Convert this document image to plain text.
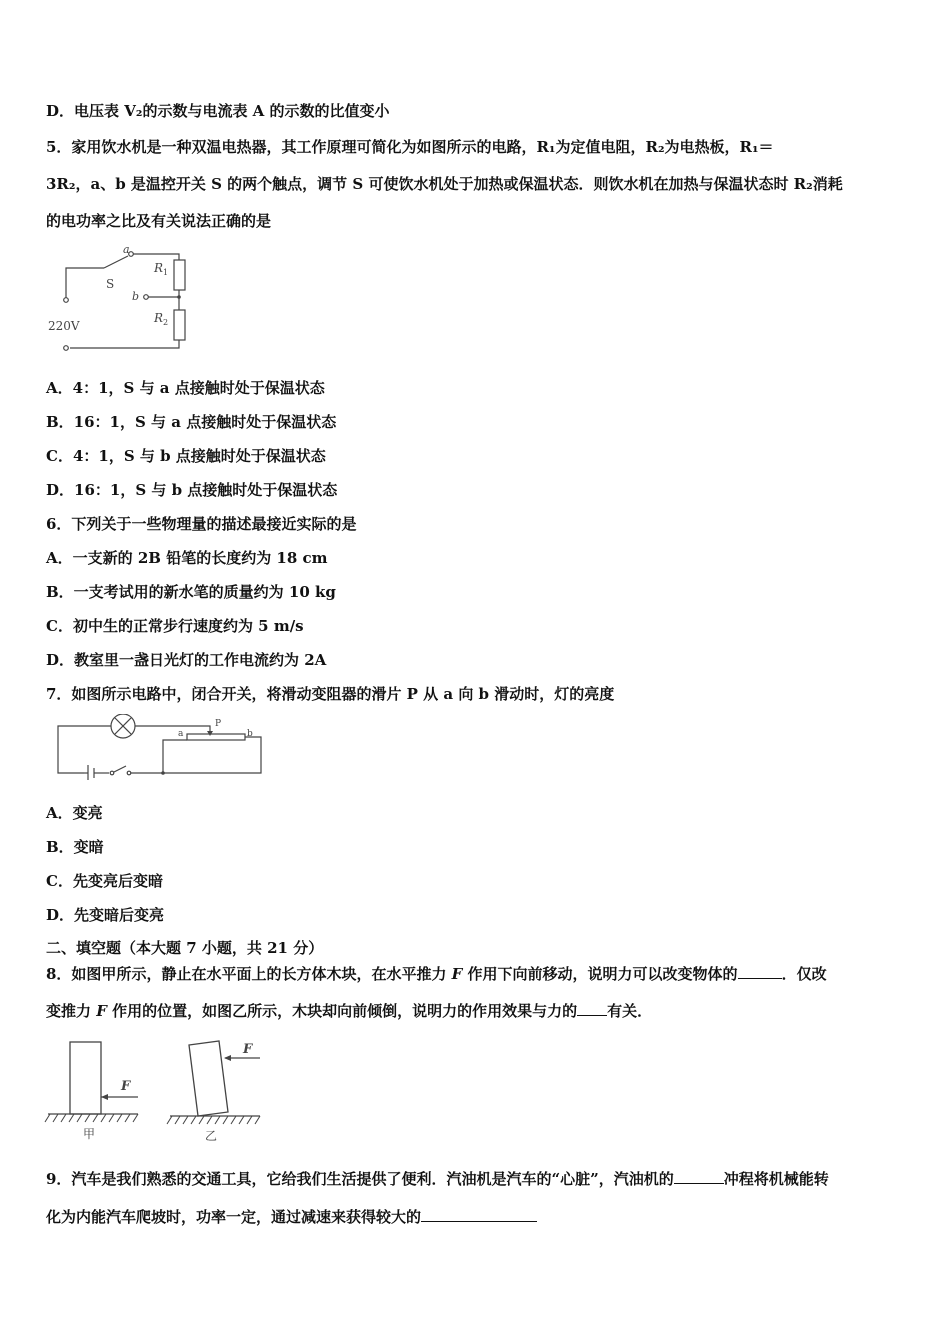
D．电压表 V₂的示数与电流表 A 的示数的比值变小
5．家用饮水机是一种双温电热器，其工作原理可简化为如图所示的电路，R₁为定值电阻，R₂为电热板，R₁＝
3R₂，a、b 是温控开关 S 的两个触点，调节 S 可使饮水机处于加热或保温状态．则饮水机在加热与保温状态时 R₂消耗
的电功率之比及有关说法正确的是
a
b
S
R 1
R 2
220V
A．4：1，S 与 a 点接触时处于保温状态
B．16：1，S 与 a 点接触时处于保温状态
C．4：1，S 与 b 点接触时处于保温状态
D．16：1，S 与 b 点接触时处于保温状态
6．下列关于一些物理量的描述最接近实际的是
A．一支新的 2B 铅笔的长度约为 18 cm
B．一支考试用的新水笔的质量约为 10 kg
C．初中生的正常步行速度约为 5 m/s
D．教室里一盏日光灯的工作电流约为 2A
7．如图所示电路中，闭合开关，将滑动变阻器的滑片 P 从 a 向 b 滑动时，灯的亮度
P
a	b
A．变亮
B．变暗
C．先变亮后变暗
D．先变暗后变亮
二、填空题（本大题 7 小题，共 21 分）
8．如图甲所示，静止在水平面上的长方体木块，在水平推力 F 作用下向前移动，说明力可以改变物体的	．仅改
变推力 F 作用的位置，如图乙所示，木块却向前倾倒，说明力的作用效果与力的 有关．
F
F
甲	乙
9．汽车是我们熟悉的交通工具，它给我们生活提供了便利．汽油机是汽车的“心脏”，汽油机的	冲程将机械能转
化为内能汽车爬坡时，功率一定，通过减速来获得较大的
